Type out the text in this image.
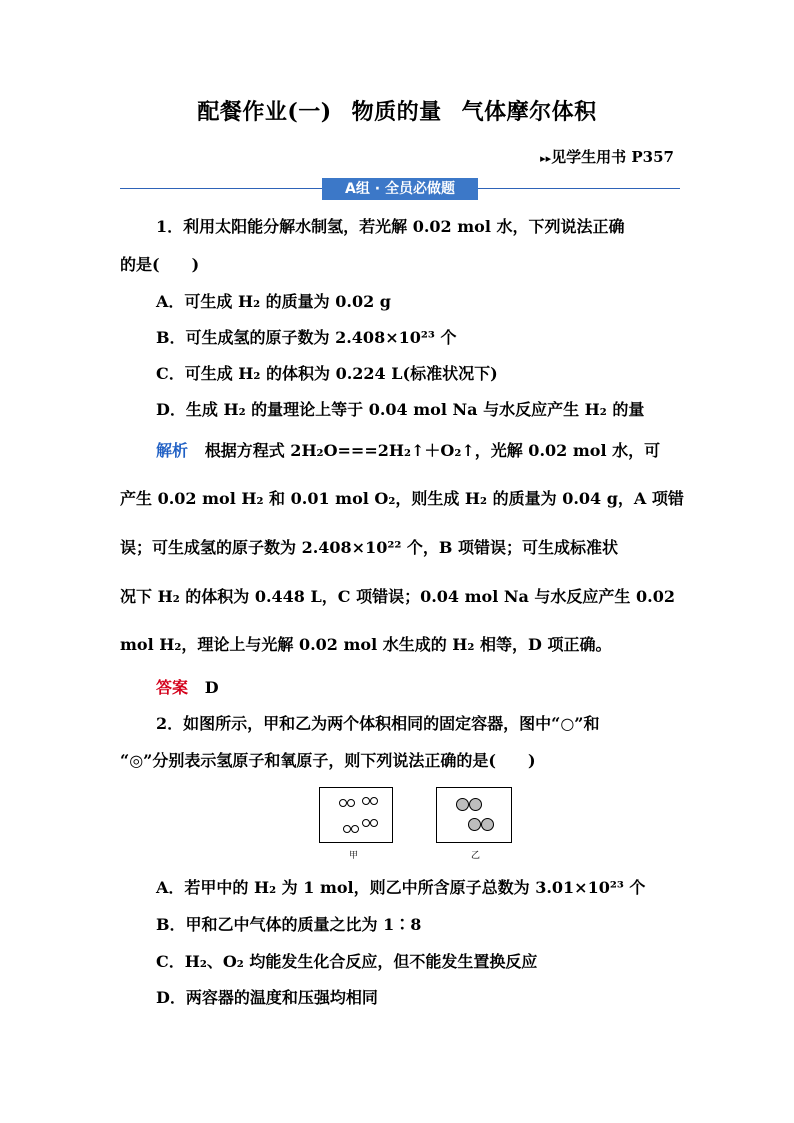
配餐作业(一) 物质的量 气体摩尔体积
▸▸见学生用书 P357
A组 · 全员必做题
1．利用太阳能分解水制氢，若光解 0.02 mol 水，下列说法正确
的是(　　)
A．可生成 H₂ 的质量为 0.02 g
B．可生成氢的原子数为 2.408×10²³ 个
C．可生成 H₂ 的体积为 0.224 L(标准状况下)
D．生成 H₂ 的量理论上等于 0.04 mol Na 与水反应产生 H₂ 的量
解析 根据方程式 2H₂O===2H₂↑＋O₂↑，光解 0.02 mol 水，可
产生 0.02 mol H₂ 和 0.01 mol O₂，则生成 H₂ 的质量为 0.04 g，A 项错
误；可生成氢的原子数为 2.408×10²² 个，B 项错误；可生成标准状
况下 H₂ 的体积为 0.448 L，C 项错误；0.04 mol Na 与水反应产生 0.02
mol H₂，理论上与光解 0.02 mol 水生成的 H₂ 相等，D 项正确。
答案 D
2．如图所示，甲和乙为两个体积相同的固定容器，图中“○”和
“◎”分别表示氢原子和氧原子，则下列说法正确的是(　　)
甲	乙
A．若甲中的 H₂ 为 1 mol，则乙中所含原子总数为 3.01×10²³ 个
B．甲和乙中气体的质量之比为 1∶8
C．H₂、O₂ 均能发生化合反应，但不能发生置换反应
D．两容器的温度和压强均相同
